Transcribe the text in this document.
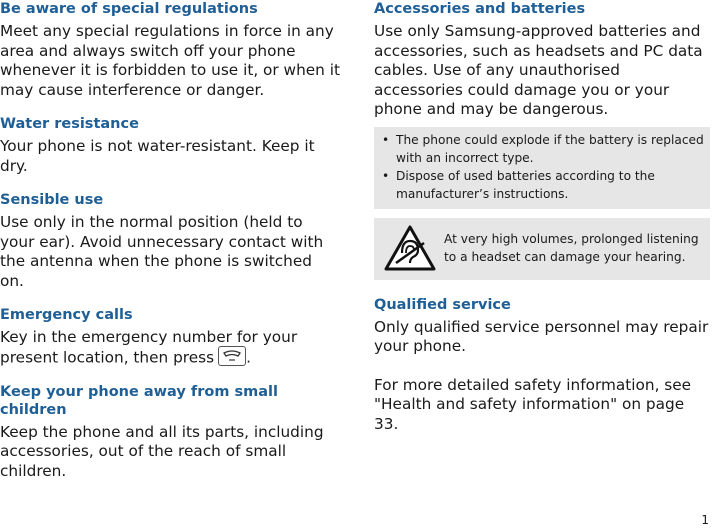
Be aware of special regulations

Meet any special regulations in force in any area and always switch off your phone whenever it is forbidden to use it, or when it may cause interference or danger.

Water resistance

Your phone is not water-resistant. Keep it dry.

Sensible use

Use only in the normal position (held to your ear). Avoid unnecessary contact with the antenna when the phone is switched on.

Emergency calls

Key in the emergency number for your present location, then press .

Keep your phone away from small children

Keep the phone and all its parts, including accessories, out of the reach of small children.

Accessories and batteries

Use only Samsung-approved batteries and accessories, such as headsets and PC data cables. Use of any unauthorised accessories could damage you or your phone and may be dangerous.

• The phone could explode if the battery is replaced with an incorrect type.
• Dispose of used batteries according to the manufacturer’s instructions.
At very high volumes, prolonged listening to a headset can damage your hearing.
Qualified service

Only qualified service personnel may repair your phone.

For more detailed safety information, see "Health and safety information" on page 33.

1
